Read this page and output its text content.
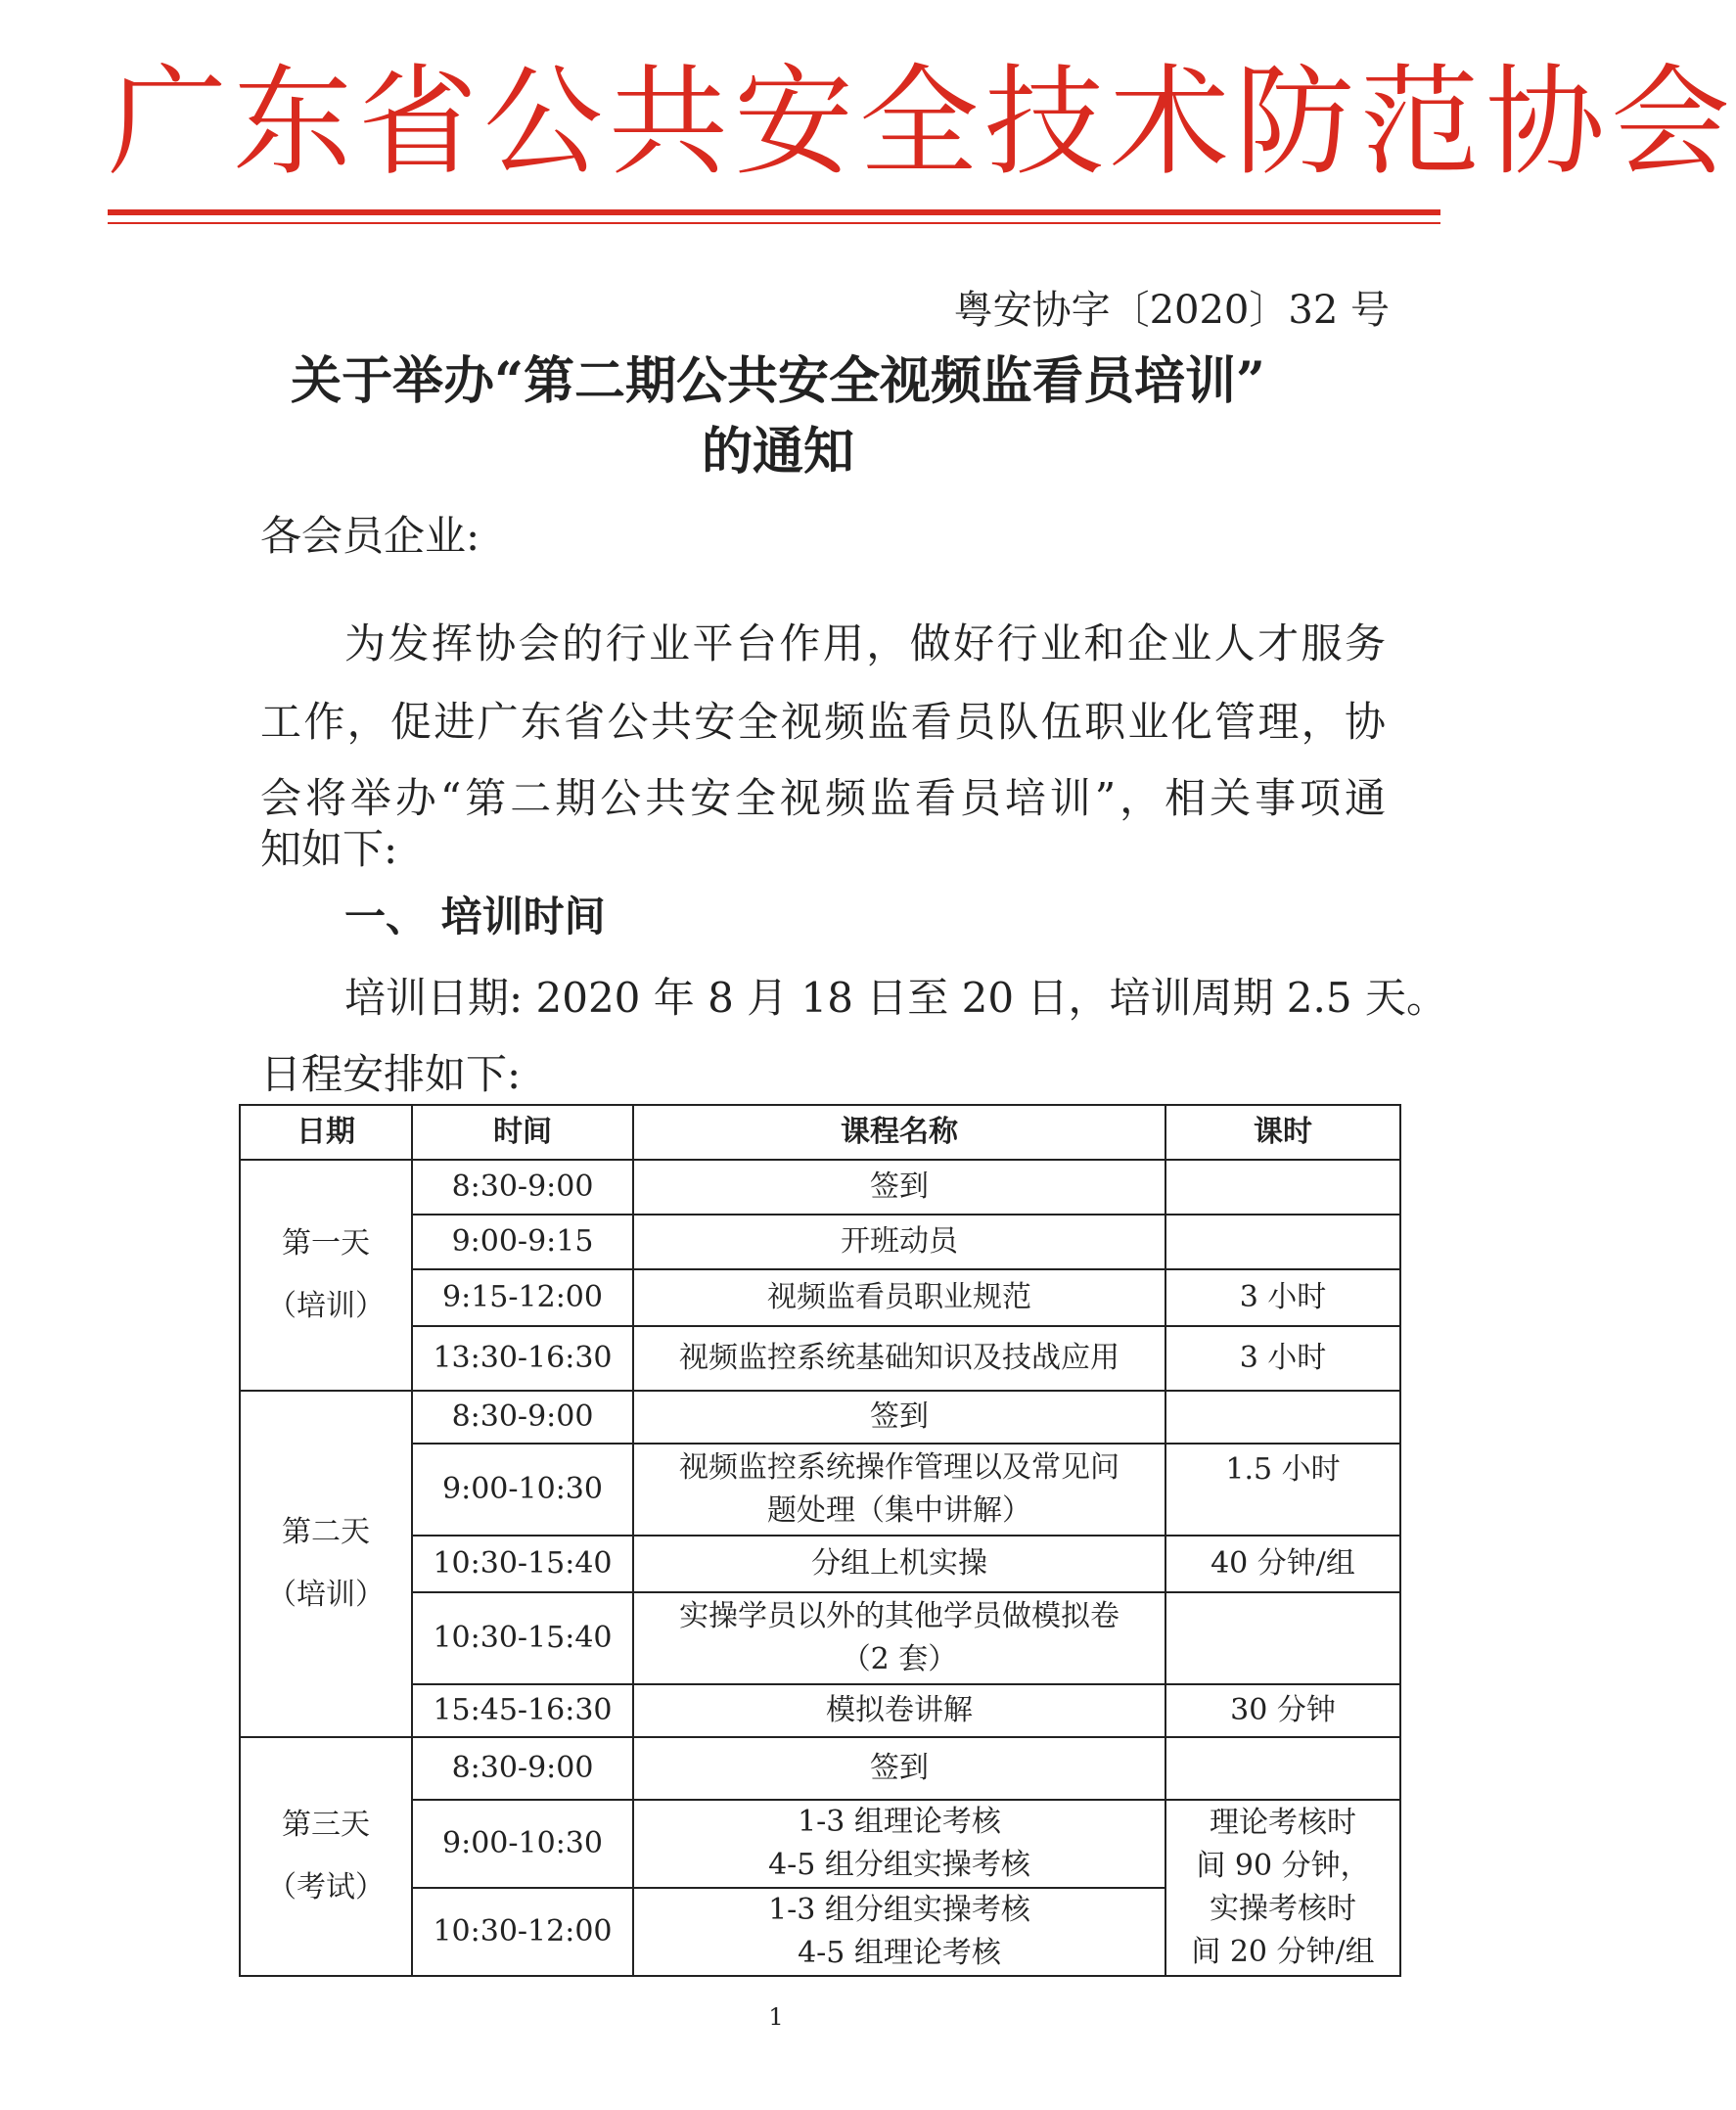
广东省公共安全技术防范协会
粤安协字〔2020〕32 号
关于举办“第二期公共安全视频监看员培训”
的通知
各会员企业:
为发挥协会的行业平台作用，做好行业和企业人才服务
工作，促进广东省公共安全视频监看员队伍职业化管理，协
会将举办“第二期公共安全视频监看员培训”，相关事项通
知如下:
一、 培训时间
培训日期: 2020 年 8 月 18 日至 20 日，培训周期 2.5 天。
日程安排如下:
日期	时间	课程名称	课时

第一天
（培训）	8:30-9:00	签到	
	9:00-9:15	开班动员	
	9:15-12:00	视频监看员职业规范	3 小时
	13:30-16:30	视频监控系统基础知识及技战应用	3 小时

第二天
（培训）	8:30-9:00	签到	
	9:00-10:30	视频监控系统操作管理以及常见问
题处理（集中讲解）	1.5 小时
	10:30-15:40	分组上机实操	40 分钟/组
	10:30-15:40	实操学员以外的其他学员做模拟卷
（2 套）	

	15:45-16:30	模拟卷讲解	30 分钟

第三天
（考试）	8:30-9:00	签到	
	9:00-10:30	1-3 组理论考核
4-5 组分组实操考核	理论考核时
间 90 分钟，
实操考核时
间 20 分钟/组

	10:30-12:00	1-3 组分组实操考核
4-5 组理论考核	
1
